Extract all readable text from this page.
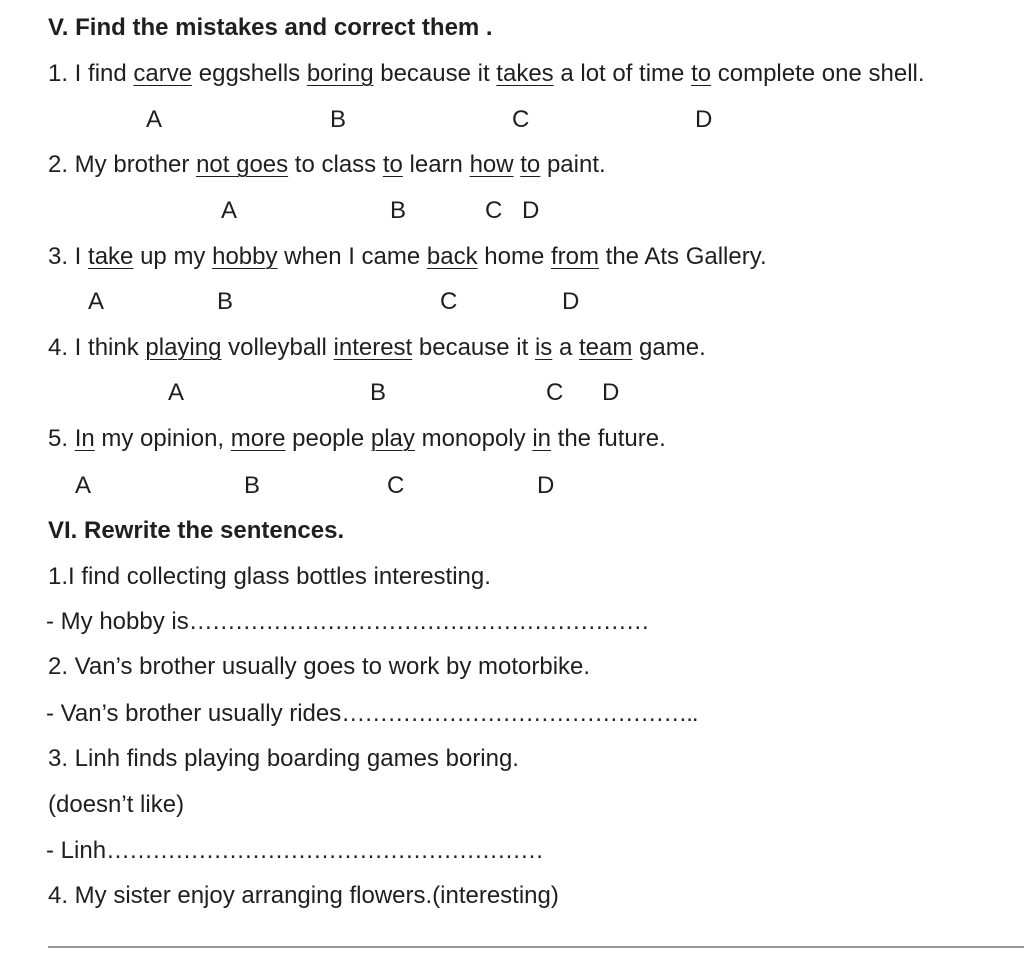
V. Find the mistakes and correct them .
1. I find carve eggshells boring because it takes a lot of time to complete one shell.
A	B	C	D
2. My brother not goes to class to learn how to paint.
A	B	C D
3. I take up my hobby when I came back home from the Ats Gallery.
A	B	C	D
4. I think playing volleyball interest because it is a team game.
A	B	C D
5. In my opinion, more people play monopoly in the future.
A	B	C	D
VI. Rewrite the sentences.
1.I find collecting glass bottles interesting.
- My hobby is……………………………………………………
2. Van’s brother usually goes to work by motorbike.
- Van’s brother usually rides………………………………………..
3. Linh finds playing boarding games boring.
(doesn’t like)
- Linh…………………………………………………
4. My sister enjoy arranging flowers.(interesting)
